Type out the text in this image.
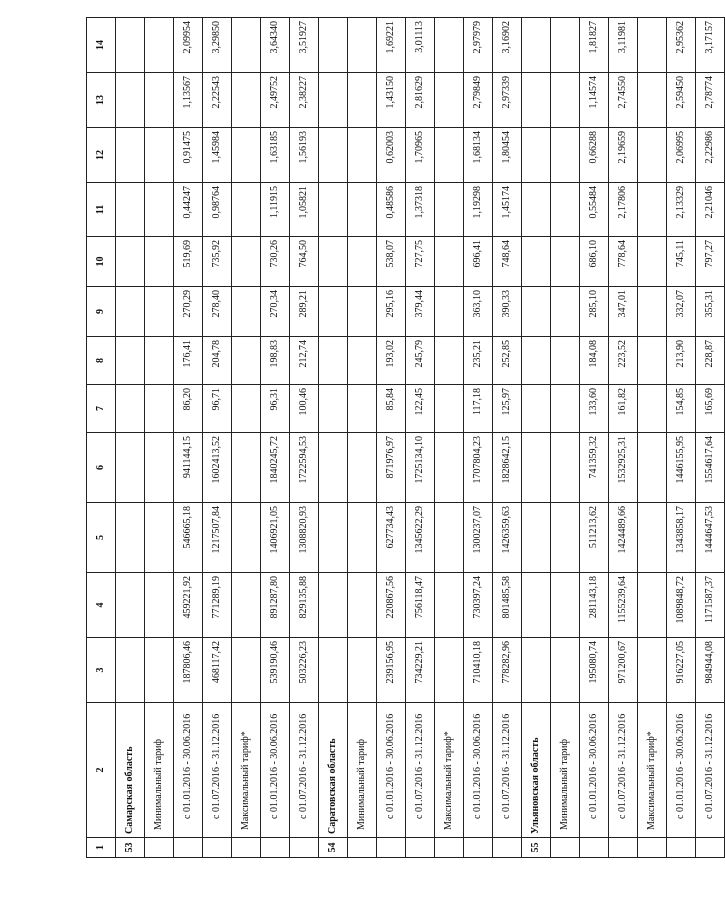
1	2	3	4	5	6	7	8	9	10	11	12	13	14
53	Самарская область												
	Минимальный тариф												
	с 01.01.2016 - 30.06.2016	187806,46	459221,92	546665,18	941144,15	86,20	176,41	270,29	519,69	0,44247	0,91475	1,13567	2,09954
	с 01.07.2016 - 31.12.2016	468117,42	771289,19	1217507,84	1602413,52	96,71	204,78	278,40	735,92	0,98764	1,45984	2,22543	3,29850
	Максимальный тариф*												
	с 01.01.2016 - 30.06.2016	539190,46	891287,80	1406921,05	1840245,72	96,31	198,83	270,34	730,26	1,11915	1,63185	2,49752	3,64340
	с 01.07.2016 - 31.12.2016	503226,23	829135,88	1308820,93	1722594,53	100,46	212,74	289,21	764,50	1,05821	1,56193	2,38227	3,51927
54	Саратовская область												
	Минимальный тариф												
	с 01.01.2016 - 30.06.2016	239156,95	220867,56	627734,43	871976,97	85,84	193,02	295,16	538,07	0,48586	0,62003	1,43150	1,69221
	с 01.07.2016 - 31.12.2016	734229,21	756118,47	1345622,29	1725134,10	122,45	245,79	379,44	727,75	1,37318	1,70965	2,81629	3,01113
	Максимальный тариф*												
	с 01.01.2016 - 30.06.2016	710410,18	730397,24	1300237,07	1707804,23	117,18	235,21	363,10	696,41	1,19298	1,68134	2,79849	2,97979
	с 01.07.2016 - 31.12.2016	778282,96	801485,58	1426359,63	1828642,15	125,97	252,85	390,33	748,64	1,45174	1,80454	2,97339	3,16902
55	Ульяновская область												
	Минимальный тариф												
	с 01.01.2016 - 30.06.2016	195080,74	281143,18	511213,62	741359,32	133,60	184,08	285,10	686,10	0,55484	0,66288	1,14574	1,81827
	с 01.07.2016 - 31.12.2016	971200,67	1155239,64	1424489,66	1532925,31	161,82	223,52	347,01	778,64	2,17806	2,19659	2,74550	3,11981
	Максимальный тариф*												
	с 01.01.2016 - 30.06.2016	916227,05	1089848,72	1343858,17	1446155,95	154,85	213,90	332,07	745,11	2,13329	2,06995	2,59450	2,95362
	с 01.07.2016 - 31.12.2016	984944,08	1171587,37	1444647,53	1554617,64	165,69	228,87	355,31	797,27	2,21046	2,22986	2,78774	3,17157
